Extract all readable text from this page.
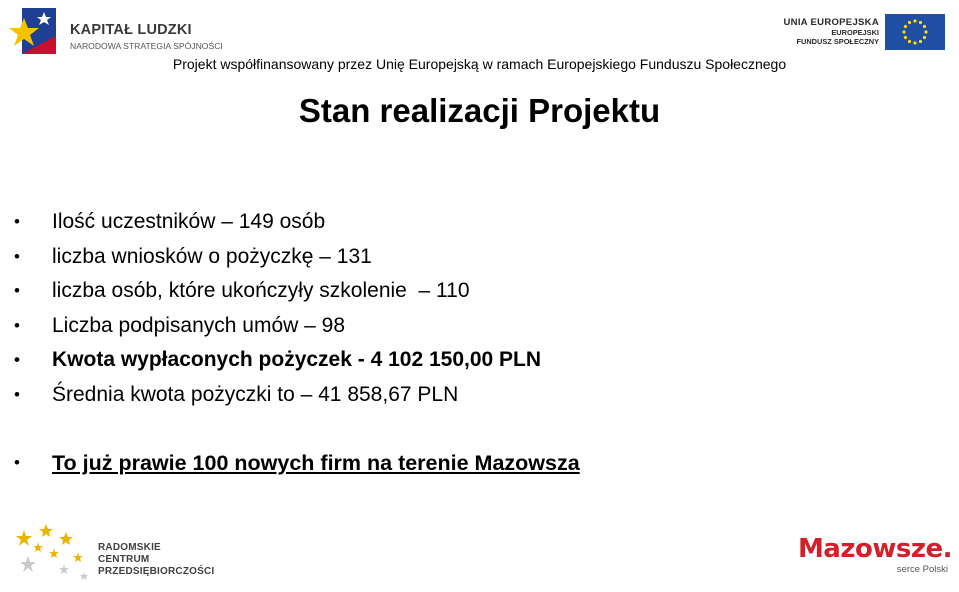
KAPITAŁ LUDZKI
NARODOWA STRATEGIA SPÓJNOŚCI
UNIA EUROPEJSKA
EUROPEJSKI
FUNDUSZ SPOŁECZNY
Projekt współfinansowany przez Unię Europejską w ramach Europejskiego Funduszu Społecznego
Stan realizacji Projektu
• Ilość uczestników – 149 osób
• liczba wniosków o pożyczkę – 131
• liczba osób, które ukończyły szkolenie  – 110
• Liczba podpisanych umów – 98
• Kwota wypłaconych pożyczek - 4 102 150,00 PLN
• Średnia kwota pożyczki to – 41 858,67 PLN
• To już prawie 100 nowych firm na terenie Mazowsza
RADOMSKIE
CENTRUM
PRZEDSIĘBIORCZOŚCI
Mazowsze.
serce Polski
